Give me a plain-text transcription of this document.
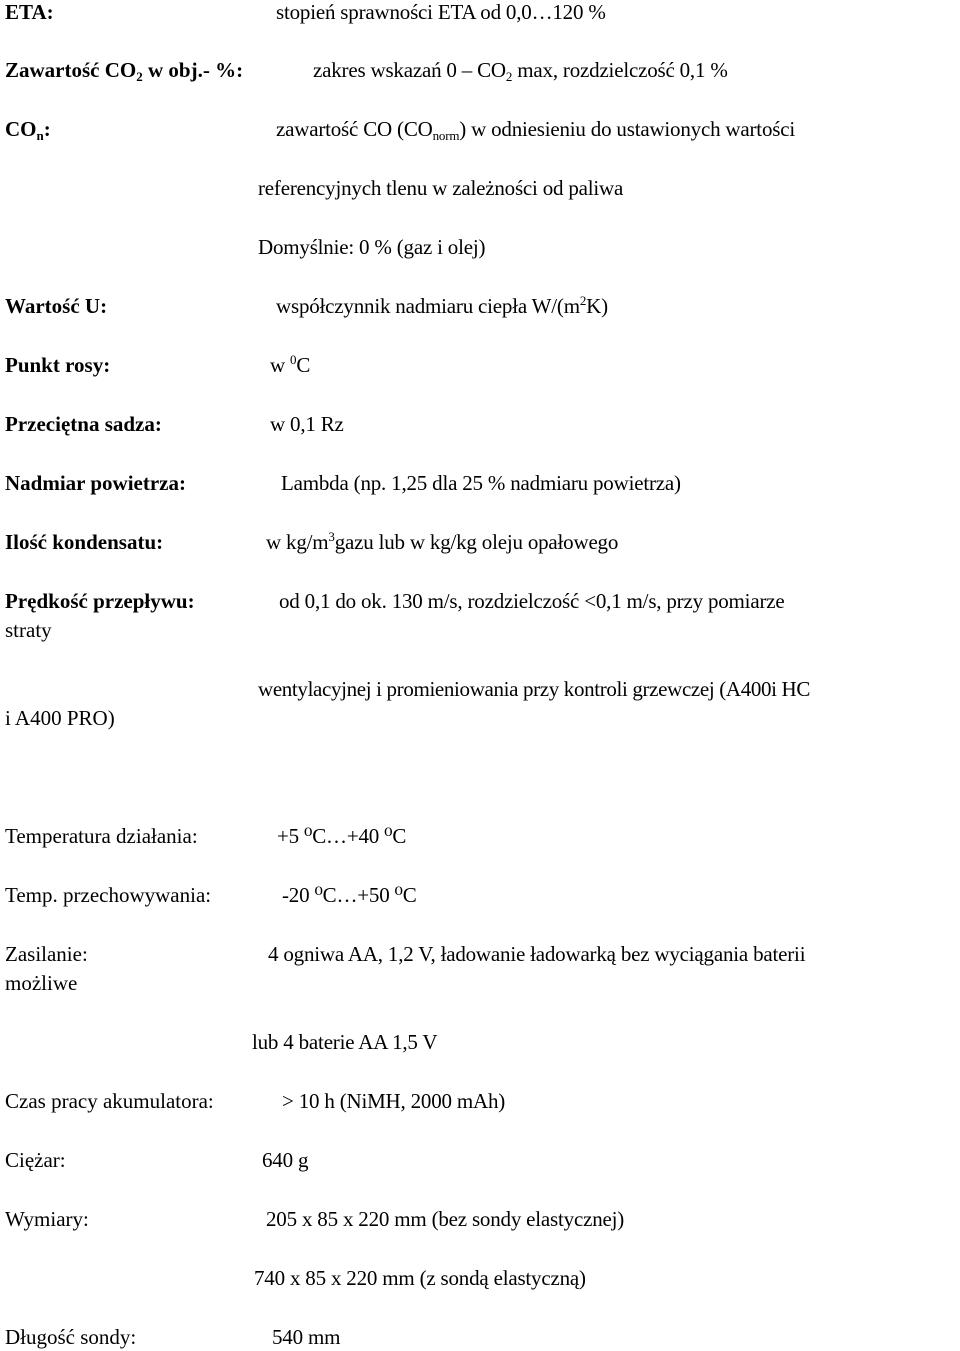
ETA:	stopień sprawności ETA od 0,0…120 %
Zawartość $CO_2$ w obj.- %:	zakres wskazań $0 - CO_2$ max, rozdzielczość 0,1 %
$CO_n$:	zawartość CO $(CO_{norm})$ w odniesieniu do ustawionych wartości
referencyjnych tlenu w zależności od paliwa
Domyślnie: 0 % (gaz i olej)
Wartość U:	współczynnik nadmiaru ciepła $W/(m^2K)$
Punkt rosy:	w $^0$C
Przeciętna sadza:	w 0,1 Rz
Nadmiar powietrza:	Lambda (np. 1,25 dla 25 % nadmiaru powietrza)
Ilość kondensatu:	w $kg/m^3gazu$ lub w kg/kg oleju opałowego
Prędkość przepływu:	od 0,1 do ok. 130 m/s, rozdzielczość <0,1 m/s, przy pomiarze
straty
wentylacyjnej i promieniowania przy kontroli grzewczej (A400i HC
i A400 PRO)
Temperatura działania:	+5 ⁰C…+40 ⁰C
Temp. przechowywania:	-20 ⁰C…+50 ⁰C
Zasilanie:	4 ogniwa AA, 1,2 V, ładowanie ładowarką bez wyciągania baterii
możliwe
lub 4 baterie AA 1,5 V
Czas pracy akumulatora:	> 10 h (NiMH, 2000 mAh)
Ciężar:	640 g
Wymiary:	205 x 85 x 220 mm (bez sondy elastycznej)
740 x 85 x 220 mm (z sondą elastyczną)
Długość sondy:	540 mm
